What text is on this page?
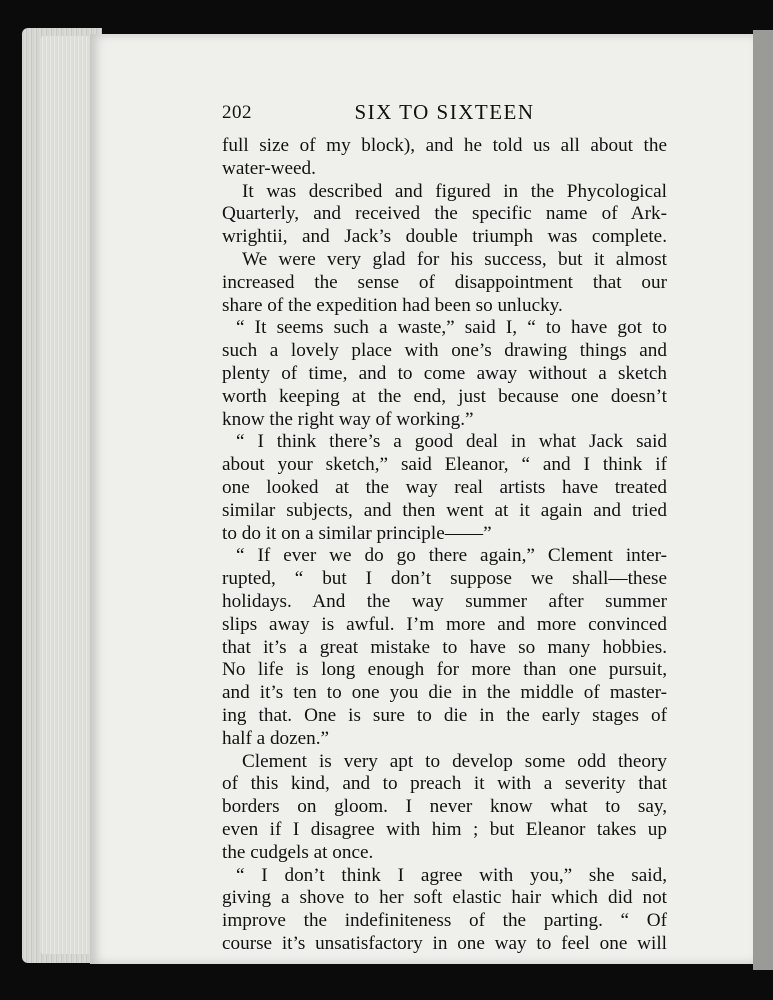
202	SIX TO SIXTEEN
full size of my block), and he told us all about the
water-weed.
It was described and figured in the Phycological
Quarterly, and received the specific name of Ark-
wrightii, and Jack’s double triumph was complete.
We were very glad for his success, but it almost
increased the sense of disappointment that our
share of the expedition had been so unlucky.
“ It seems such a waste,” said I, “ to have got to
such a lovely place with one’s drawing things and
plenty of time, and to come away without a sketch
worth keeping at the end, just because one doesn’t
know the right way of working.”
“ I think there’s a good deal in what Jack said
about your sketch,” said Eleanor, “ and I think if
one looked at the way real artists have treated
similar subjects, and then went at it again and tried
to do it on a similar principle——”
“ If ever we do go there again,” Clement inter-
rupted, “ but I don’t suppose we shall—these
holidays. And the way summer after summer
slips away is awful. I’m more and more convinced
that it’s a great mistake to have so many hobbies.
No life is long enough for more than one pursuit,
and it’s ten to one you die in the middle of master-
ing that. One is sure to die in the early stages of
half a dozen.”
Clement is very apt to develop some odd theory
of this kind, and to preach it with a severity that
borders on gloom. I never know what to say,
even if I disagree with him ; but Eleanor takes up
the cudgels at once.
“ I don’t think I agree with you,” she said,
giving a shove to her soft elastic hair which did not
improve the indefiniteness of the parting. “ Of
course it’s unsatisfactory in one way to feel one will
